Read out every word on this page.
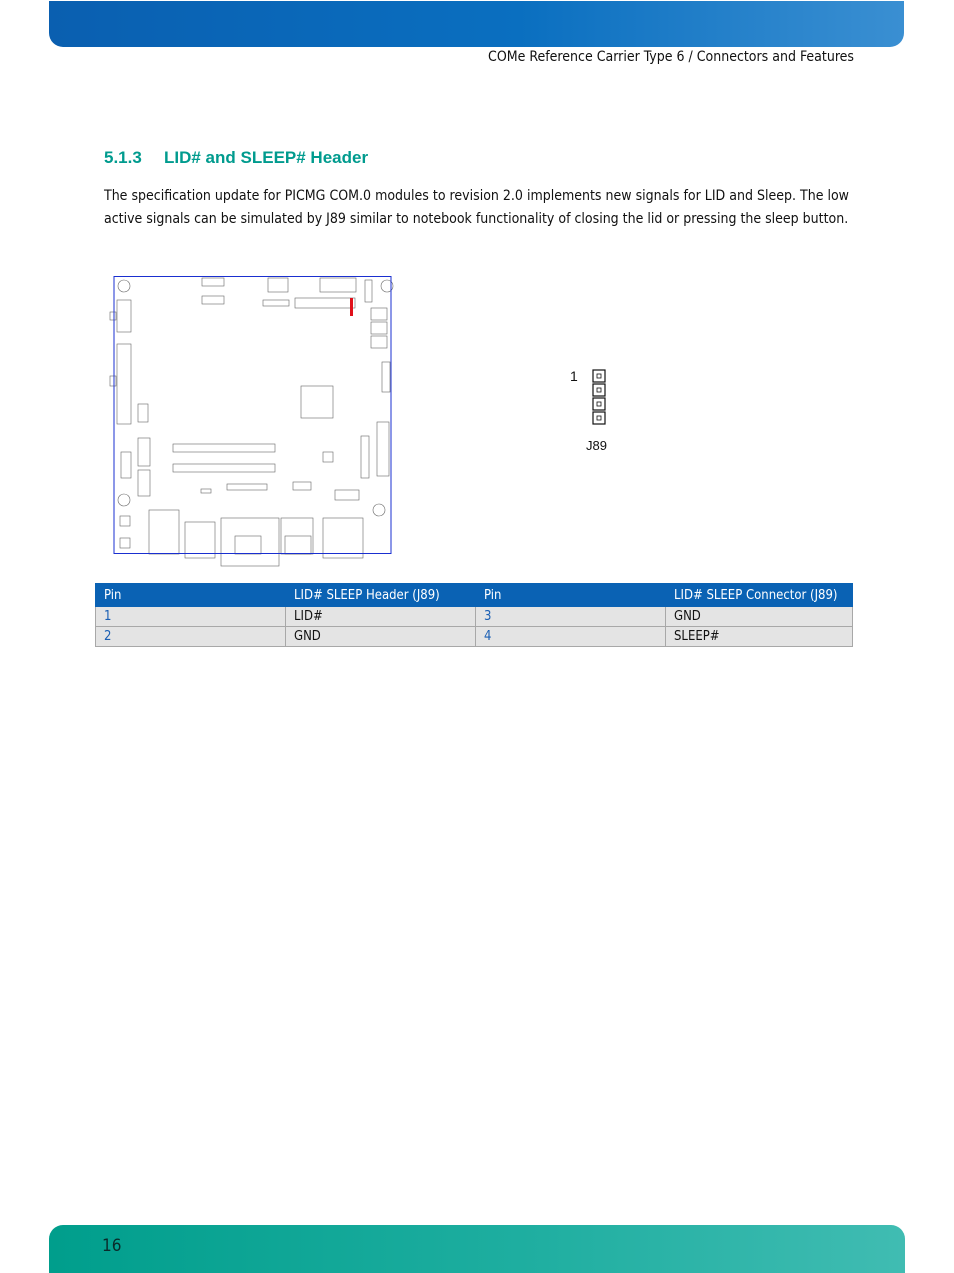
COMe Reference Carrier Type 6 / Connectors and Features
5.1.3 LID# and SLEEP# Header
The specification update for PICMG COM.0 modules to revision 2.0 implements new signals for LID and Sleep. The low active signals can be simulated by J89 similar to notebook functionality of closing the lid or pressing the sleep button.
1
J89
Pin	LID# SLEEP Header (J89)	Pin	LID# SLEEP Connector (J89)
1	LID#	3	GND
2	GND	4	SLEEP#
16
